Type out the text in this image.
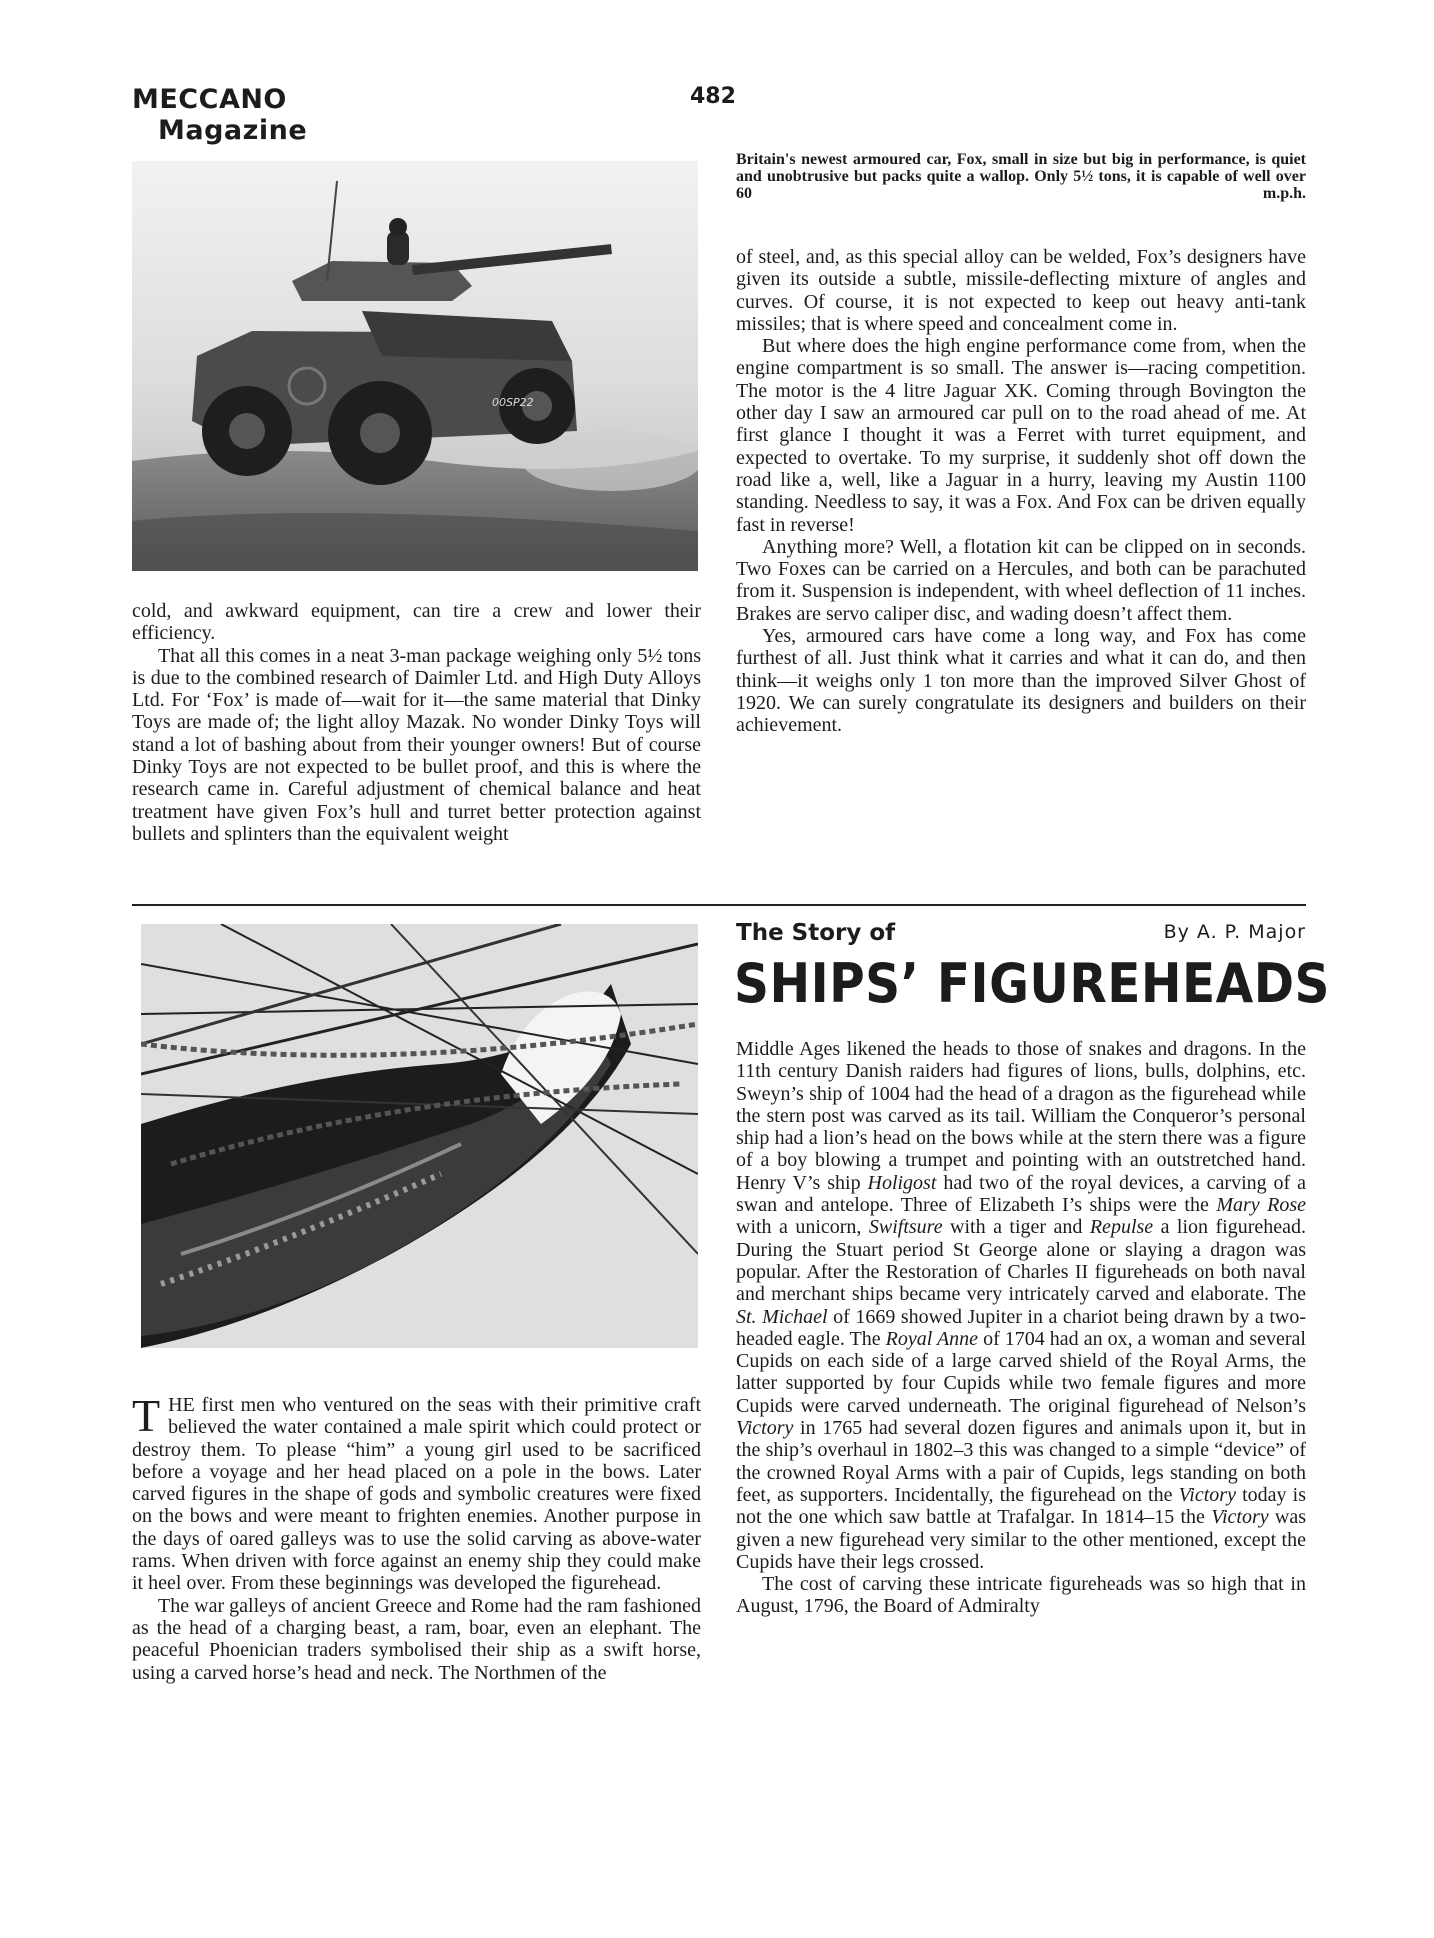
MECCANO
Magazine
482
00SP22
Britain's newest armoured car, Fox, small in size but big in performance, is quiet and unobtrusive but packs quite a wallop. Only 5½ tons, it is capable of well over 60 m.p.h.

cold, and awkward equipment, can tire a crew and lower their efficiency.

That all this comes in a neat 3-man package weighing only 5½ tons is due to the combined research of Daimler Ltd. and High Duty Alloys Ltd. For ‘Fox’ is made of—wait for it—the same material that Dinky Toys are made of; the light alloy Mazak. No wonder Dinky Toys will stand a lot of bashing about from their younger owners! But of course Dinky Toys are not expected to be bullet proof, and this is where the research came in. Careful adjustment of chemical balance and heat treatment have given Fox’s hull and turret better protection against bullets and splinters than the equivalent weight

of steel, and, as this special alloy can be welded, Fox’s designers have given its outside a subtle, missile-deflecting mixture of angles and curves. Of course, it is not expected to keep out heavy anti-tank missiles; that is where speed and concealment come in.

But where does the high engine performance come from, when the engine compartment is so small. The answer is—racing competition. The motor is the 4 litre Jaguar XK. Coming through Bovington the other day I saw an armoured car pull on to the road ahead of me. At first glance I thought it was a Ferret with turret equipment, and expected to overtake. To my surprise, it suddenly shot off down the road like a, well, like a Jaguar in a hurry, leaving my Austin 1100 standing. Needless to say, it was a Fox. And Fox can be driven equally fast in reverse!

Anything more? Well, a flotation kit can be clipped on in seconds. Two Foxes can be carried on a Hercules, and both can be parachuted from it. Suspension is independent, with wheel deflection of 11 inches. Brakes are servo caliper disc, and wading doesn’t affect them.

Yes, armoured cars have come a long way, and Fox has come furthest of all. Just think what it carries and what it can do, and then think—it weighs only 1 ton more than the improved Silver Ghost of 1920. We can surely congratulate its designers and builders on their achievement.

The Story of	By A. P. Major
SHIPS’ FIGUREHEADS

THE first men who ventured on the seas with their primitive craft believed the water contained a male spirit which could protect or destroy them. To please “him” a young girl used to be sacrificed before a voyage and her head placed on a pole in the bows. Later carved figures in the shape of gods and symbolic creatures were fixed on the bows and were meant to frighten enemies. Another purpose in the days of oared galleys was to use the solid carving as above-water rams. When driven with force against an enemy ship they could make it heel over. From these beginnings was developed the figurehead.

The war galleys of ancient Greece and Rome had the ram fashioned as the head of a charging beast, a ram, boar, even an elephant. The peaceful Phoenician traders symbolised their ship as a swift horse, using a carved horse’s head and neck. The Northmen of the

Middle Ages likened the heads to those of snakes and dragons. In the 11th century Danish raiders had figures of lions, bulls, dolphins, etc. Sweyn’s ship of 1004 had the head of a dragon as the figurehead while the stern post was carved as its tail. William the Conqueror’s personal ship had a lion’s head on the bows while at the stern there was a figure of a boy blowing a trumpet and pointing with an outstretched hand. Henry V’s ship Holigost had two of the royal devices, a carving of a swan and antelope. Three of Elizabeth I’s ships were the Mary Rose with a unicorn, Swiftsure with a tiger and Repulse a lion figurehead. During the Stuart period St George alone or slaying a dragon was popular. After the Restoration of Charles II figureheads on both naval and merchant ships became very intricately carved and elaborate. The St. Michael of 1669 showed Jupiter in a chariot being drawn by a two-headed eagle. The Royal Anne of 1704 had an ox, a woman and several Cupids on each side of a large carved shield of the Royal Arms, the latter supported by four Cupids while two female figures and more Cupids were carved underneath. The original figurehead of Nelson’s Victory in 1765 had several dozen figures and animals upon it, but in the ship’s overhaul in 1802–3 this was changed to a simple “device” of the crowned Royal Arms with a pair of Cupids, legs standing on both feet, as supporters. Incidentally, the figurehead on the Victory today is not the one which saw battle at Trafalgar. In 1814–15 the Victory was given a new figurehead very similar to the other mentioned, except the Cupids have their legs crossed.

The cost of carving these intricate figureheads was so high that in August, 1796, the Board of Admiralty
